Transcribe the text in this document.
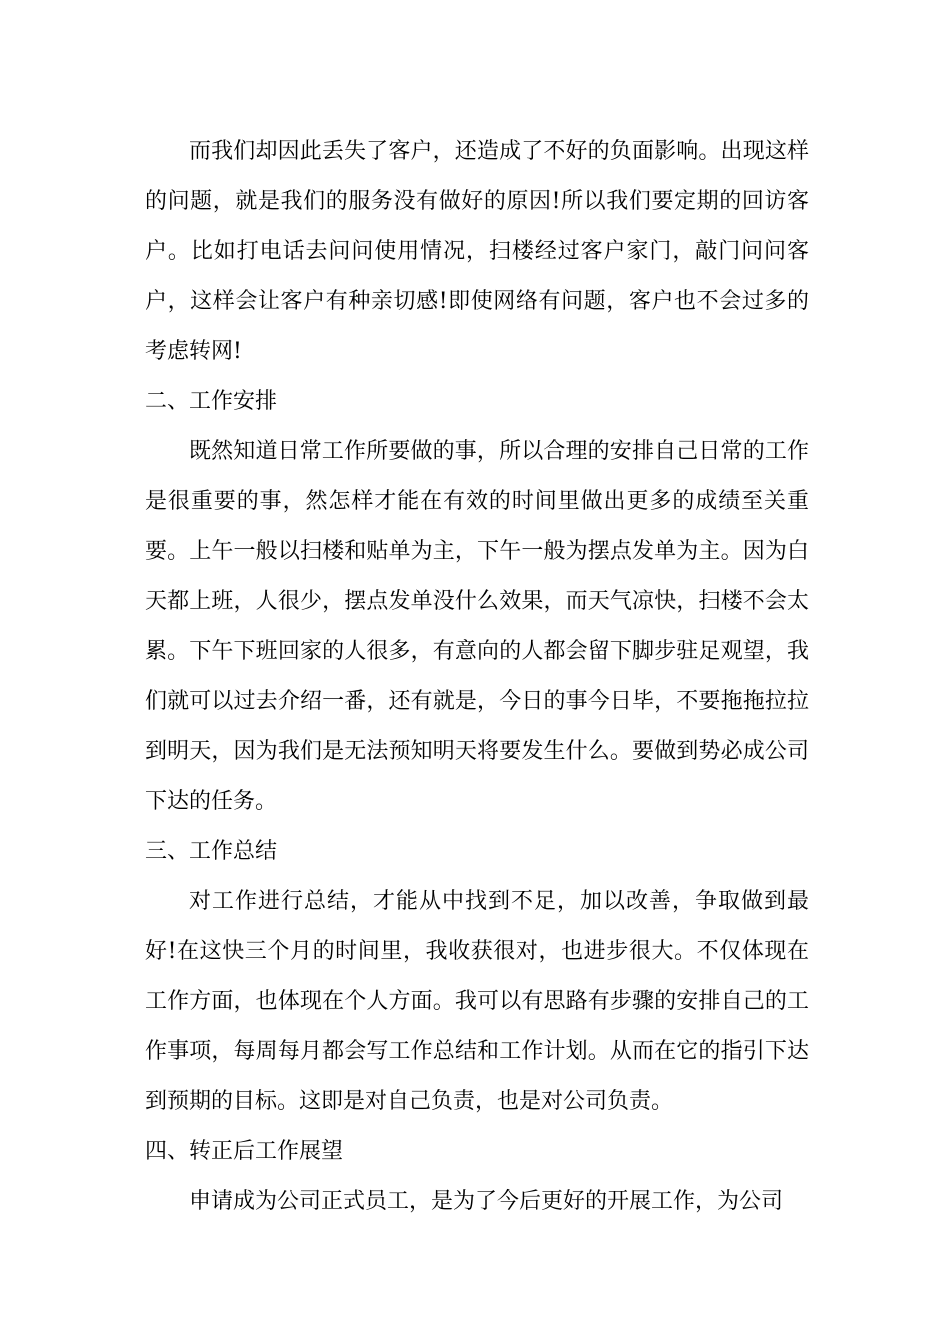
而我们却因此丢失了客户，还造成了不好的负面影响。出现这样的问题，就是我们的服务没有做好的原因!所以我们要定期的回访客户。比如打电话去问问使用情况，扫楼经过客户家门，敲门问问客户，这样会让客户有种亲切感!即使网络有问题，客户也不会过多的考虑转网!

二、工作安排

既然知道日常工作所要做的事，所以合理的安排自己日常的工作是很重要的事，然怎样才能在有效的时间里做出更多的成绩至关重要。上午一般以扫楼和贴单为主，下午一般为摆点发单为主。因为白天都上班，人很少，摆点发单没什么效果，而天气凉快，扫楼不会太累。下午下班回家的人很多，有意向的人都会留下脚步驻足观望，我们就可以过去介绍一番，还有就是，今日的事今日毕，不要拖拖拉拉到明天，因为我们是无法预知明天将要发生什么。要做到势必成公司下达的任务。

三、工作总结

对工作进行总结，才能从中找到不足，加以改善，争取做到最好!在这快三个月的时间里，我收获很对，也进步很大。不仅体现在工作方面，也体现在个人方面。我可以有思路有步骤的安排自己的工作事项，每周每月都会写工作总结和工作计划。从而在它的指引下达到预期的目标。这即是对自己负责，也是对公司负责。

四、转正后工作展望

申请成为公司正式员工，是为了今后更好的开展工作，为公司
